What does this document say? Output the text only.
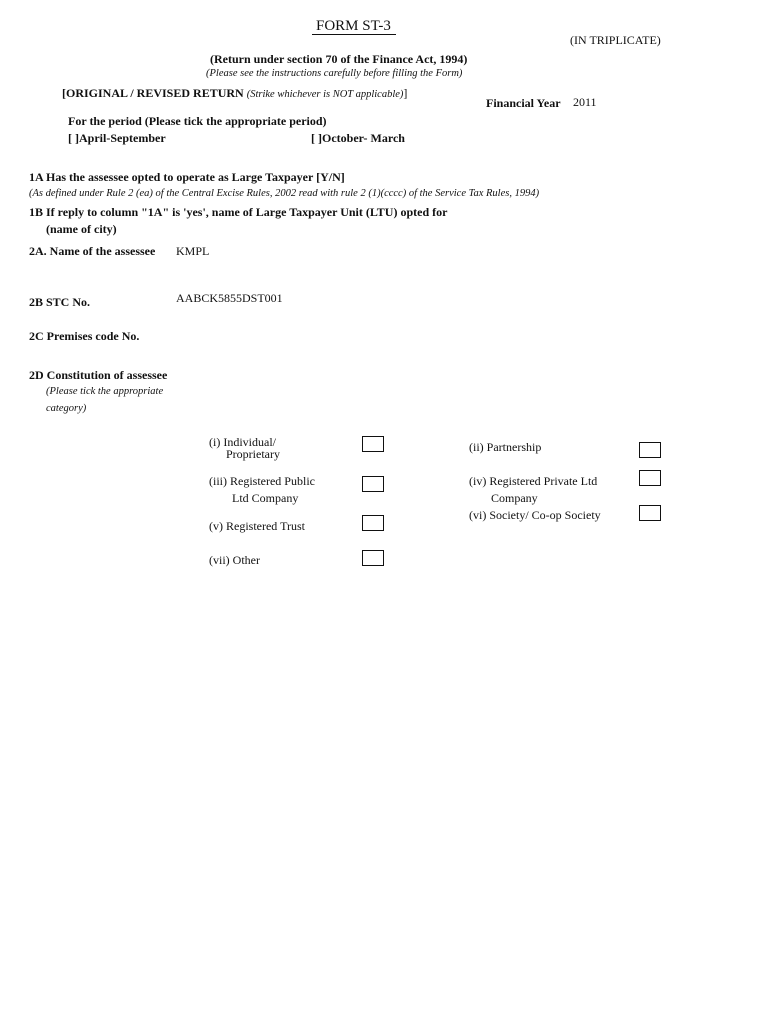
FORM ST-3
(IN TRIPLICATE)
(Return under section 70 of the Finance Act, 1994)
(Please see the instructions carefully before filling the Form)
[ORIGINAL / REVISED RETURN (Strike whichever is NOT applicable)]
Financial Year 2011
For the period (Please tick the appropriate period)
[ ]April-September	[ ]October- March
1A Has the assessee opted to operate as Large Taxpayer [Y/N]
(As defined under Rule 2 (ea) of the Central Excise Rules, 2002 read with rule 2 (1)(cccc) of the Service Tax Rules, 1994)
1B If reply to column "1A" is 'yes', name of Large Taxpayer Unit (LTU) opted for
(name of city)
2A. Name of the assessee KMPL
2B STC No.	AABCK5855DST001
2C Premises code No.
2D Constitution of assessee
(Please tick the appropriate
category)
(i) Individual/
Proprietary
(iii) Registered Public
Ltd Company
(v) Registered Trust
(vii) Other
(ii) Partnership
(iv) Registered Private Ltd
Company
(vi) Society/ Co-op Society
